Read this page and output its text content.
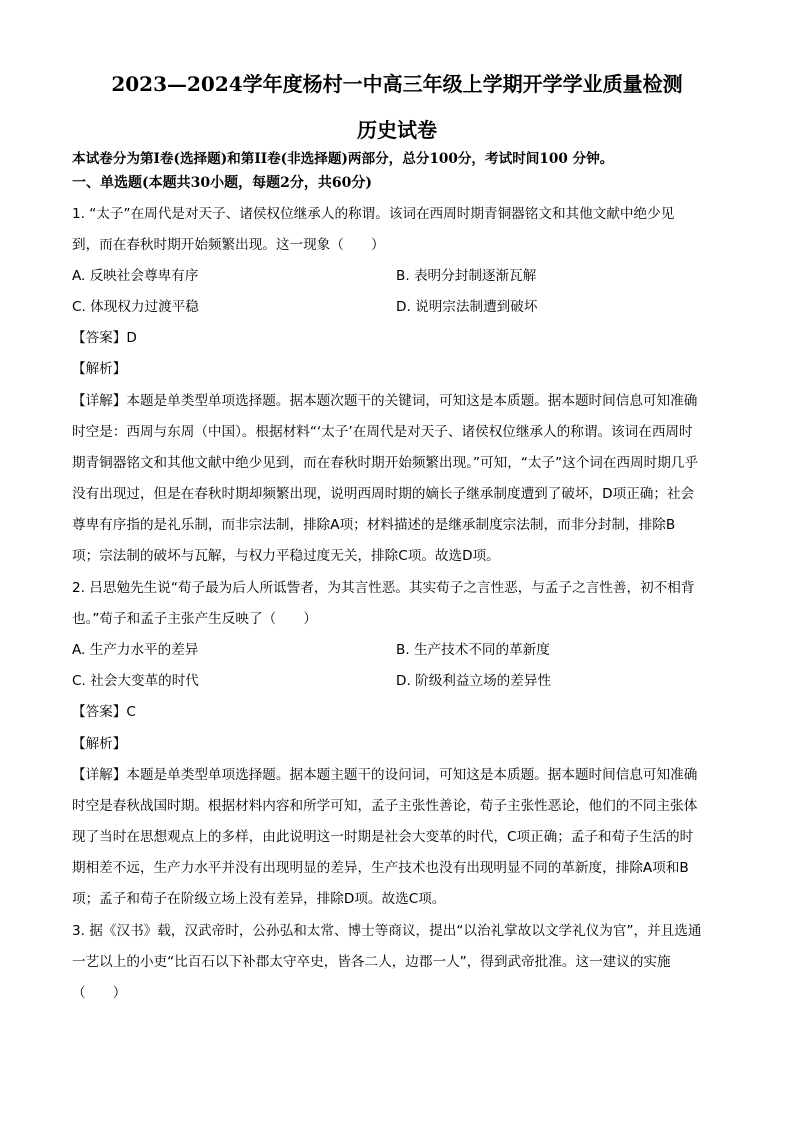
2023—2024学年度杨村一中高三年级上学期开学学业质量检测
历史试卷
本试卷分为第I卷(选择题)和第II卷(非选择题)两部分，总分100分，考试时间100 分钟。
一、单选题(本题共30小题，每题2分，共60分)
1. “太子”在周代是对天子、诸侯权位继承人的称谓。该词在西周时期青铜器铭文和其他文献中绝少见
到，而在春秋时期开始频繁出现。这一现象（　　）
A. 反映社会尊卑有序	B. 表明分封制逐渐瓦解
C. 体现权力过渡平稳	D. 说明宗法制遭到破坏
【答案】D
【解析】
【详解】本题是单类型单项选择题。据本题次题干的关键词，可知这是本质题。据本题时间信息可知准确
时空是：西周与东周（中国）。根据材料“‘太子’在周代是对天子、诸侯权位继承人的称谓。该词在西周时
期青铜器铭文和其他文献中绝少见到，而在春秋时期开始频繁出现。”可知，“太子”这个词在西周时期几乎
没有出现过，但是在春秋时期却频繁出现，说明西周时期的嫡长子继承制度遭到了破坏，D项正确；社会
尊卑有序指的是礼乐制，而非宗法制，排除A项；材料描述的是继承制度宗法制，而非分封制，排除B
项；宗法制的破坏与瓦解，与权力平稳过度无关，排除C项。故选D项。
2. 吕思勉先生说“荀子最为后人所诋訾者，为其言性恶。其实荀子之言性恶，与孟子之言性善，初不相背
也。”荀子和孟子主张产生反映了（　　）
A. 生产力水平的差异	B. 生产技术不同的革新度
C. 社会大变革的时代	D. 阶级利益立场的差异性
【答案】C
【解析】
【详解】本题是单类型单项选择题。据本题主题干的设问词，可知这是本质题。据本题时间信息可知准确
时空是春秋战国时期。根据材料内容和所学可知，孟子主张性善论，荀子主张性恶论，他们的不同主张体
现了当时在思想观点上的多样，由此说明这一时期是社会大变革的时代，C项正确；孟子和荀子生活的时
期相差不远，生产力水平并没有出现明显的差异，生产技术也没有出现明显不同的革新度，排除A项和B
项；孟子和荀子在阶级立场上没有差异，排除D项。故选C项。
3. 据《汉书》载，汉武帝时，公孙弘和太常、博士等商议，提出“以治礼掌故以文学礼仪为官”，并且选通
一艺以上的小吏“比百石以下补郡太守卒史，皆各二人，边郡一人”，得到武帝批准。这一建议的实施
（　　）
